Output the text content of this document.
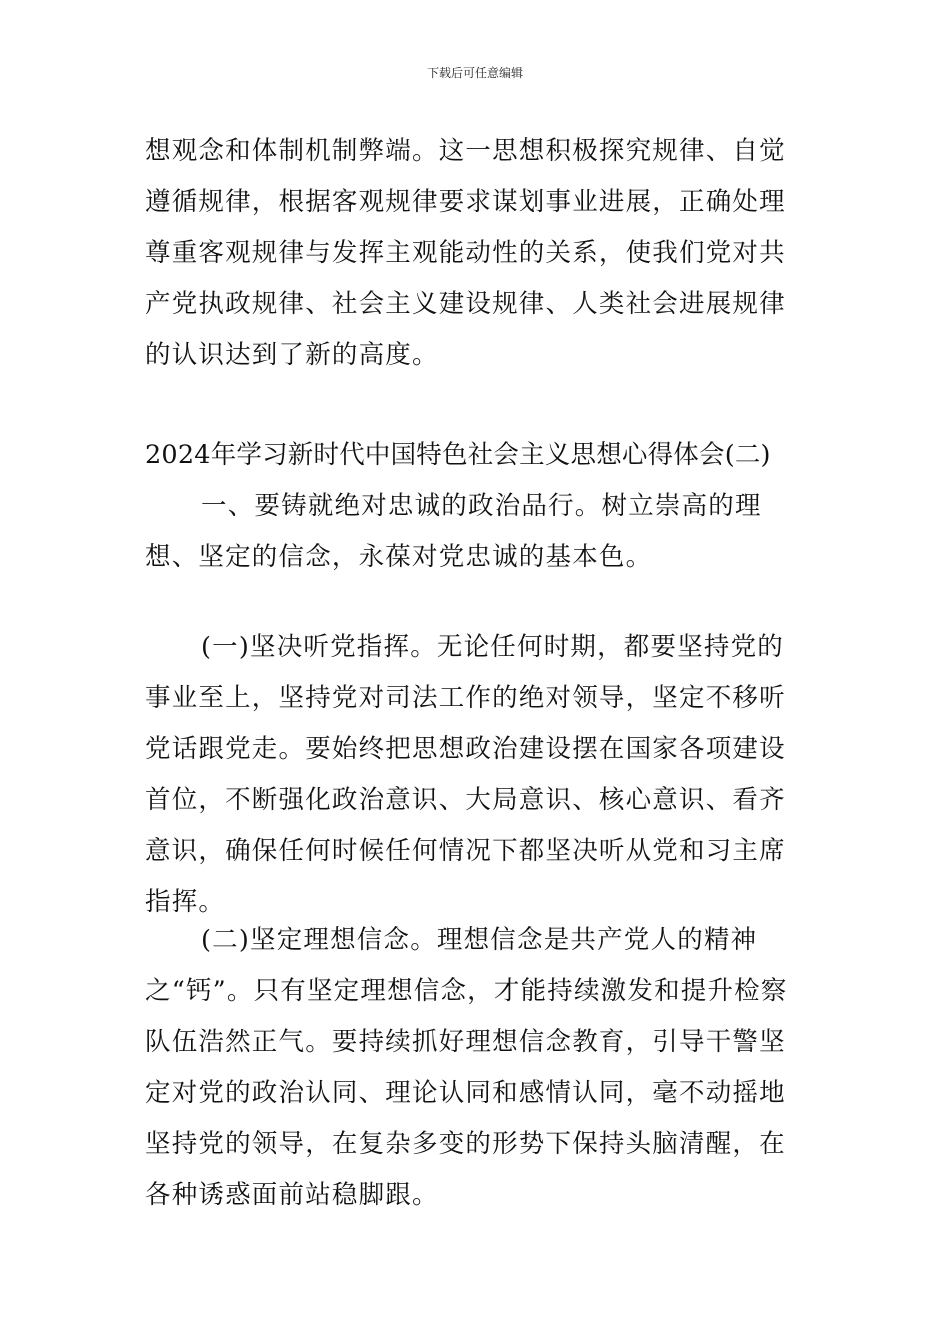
下载后可任意编辑

想观念和体制机制弊端。这一思想积极探究规律、自觉遵循规律，根据客观规律要求谋划事业进展，正确处理尊重客观规律与发挥主观能动性的关系，使我们党对共产党执政规律、社会主义建设规律、人类社会进展规律的认识达到了新的高度。

2024年学习新时代中国特色社会主义思想心得体会(二)

一、要铸就绝对忠诚的政治品行。树立崇高的理想、坚定的信念，永葆对党忠诚的基本色。

(一)坚决听党指挥。无论任何时期，都要坚持党的事业至上，坚持党对司法工作的绝对领导，坚定不移听党话跟党走。要始终把思想政治建设摆在国家各项建设首位，不断强化政治意识、大局意识、核心意识、看齐意识，确保任何时候任何情况下都坚决听从党和习主席指挥。

(二)坚定理想信念。理想信念是共产党人的精神之“钙”。只有坚定理想信念，才能持续激发和提升检察队伍浩然正气。要持续抓好理想信念教育，引导干警坚定对党的政治认同、理论认同和感情认同，毫不动摇地坚持党的领导，在复杂多变的形势下保持头脑清醒，在各种诱惑面前站稳脚跟。
